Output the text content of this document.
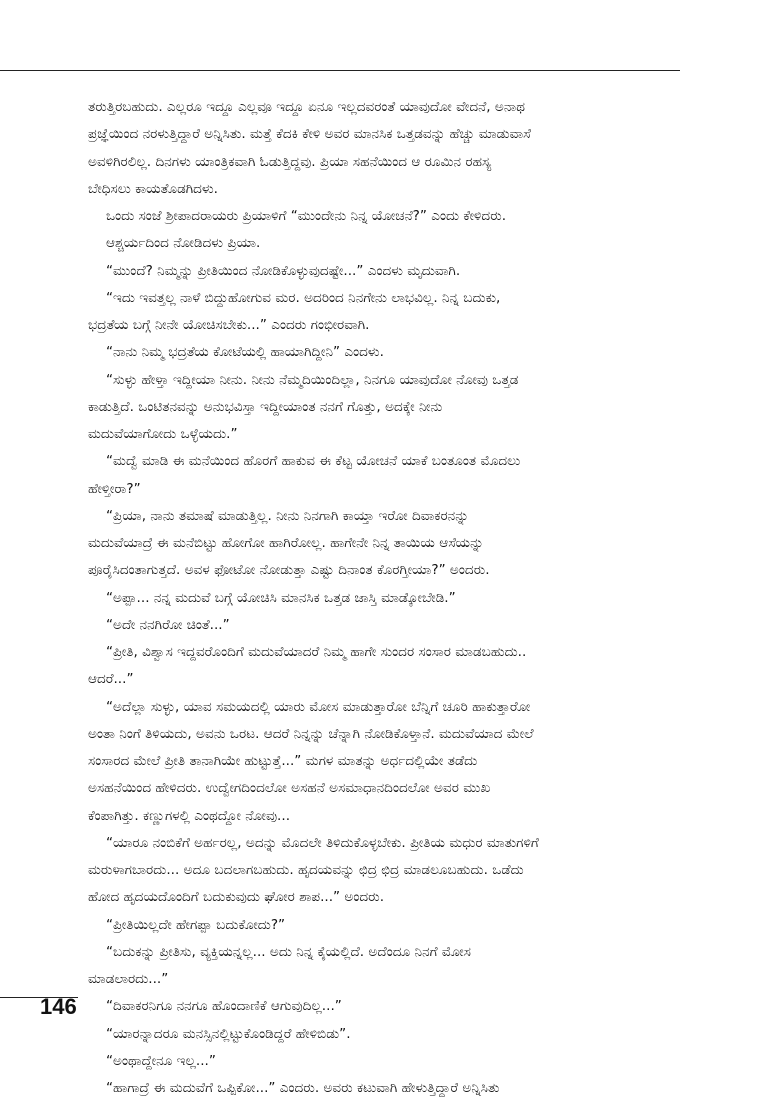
ತರುತ್ತಿರಬಹುದು. ಎಲ್ಲರೂ ಇದ್ದೂ ಎಲ್ಲವೂ ಇದ್ದೂ ಏನೂ ಇಲ್ಲದವರಂತೆ ಯಾವುದೋ ವೇದನೆ, ಅನಾಥ
ಪ್ರಜ್ಞೆಯಿಂದ ನರಳುತ್ತಿದ್ದಾರೆ ಅನ್ನಿಸಿತು. ಮತ್ತೆ ಕೆದಕಿ ಕೇಳಿ ಅವರ ಮಾನಸಿಕ ಒತ್ತಡವನ್ನು ಹೆಚ್ಚು ಮಾಡುವಾಸೆ
ಅವಳಿಗಿರಲಿಲ್ಲ. ದಿನಗಳು ಯಾಂತ್ರಿಕವಾಗಿ ಓಡುತ್ತಿದ್ದವು. ಪ್ರಿಯಾ ಸಹನೆಯಿಂದ ಆ ರೂಮಿನ ರಹಸ್ಯ
ಬೇಧಿಸಲು ಕಾಯತೊಡಗಿದಳು.
ಒಂದು ಸಂಜೆ ಶ್ರೀಪಾದರಾಯರು ಪ್ರಿಯಾಳಿಗೆ “ಮುಂದೇನು ನಿನ್ನ ಯೋಚನೆ?” ಎಂದು ಕೇಳಿದರು.
ಆಶ್ಚರ್ಯದಿಂದ ನೋಡಿದಳು ಪ್ರಿಯಾ.
“ಮುಂದೆ? ನಿಮ್ಮನ್ನು ಪ್ರೀತಿಯಿಂದ ನೋಡಿಕೊಳ್ಳುವುದಷ್ಟೇ...” ಎಂದಳು ಮೃದುವಾಗಿ.
“ಇದು ಇವತ್ತಲ್ಲ ನಾಳೆ ಬಿದ್ದುಹೋಗುವ ಮರ. ಅದರಿಂದ ನಿನಗೇನು ಲಾಭವಿಲ್ಲ. ನಿನ್ನ ಬದುಕು,
ಭದ್ರತೆಯ ಬಗ್ಗೆ ನೀನೇ ಯೋಚಿಸಬೇಕು...” ಎಂದರು ಗಂಭೀರವಾಗಿ.
“ನಾನು ನಿಮ್ಮ ಭದ್ರತೆಯ ಕೋಟೆಯಲ್ಲಿ ಹಾಯಾಗಿದ್ದೀನಿ” ಎಂದಳು.
“ಸುಳ್ಳು ಹೇಳ್ತಾ ಇದ್ದೀಯಾ ನೀನು. ನೀನು ನೆಮ್ಮದಿಯಿಂದಿಲ್ಲಾ, ನಿನಗೂ ಯಾವುದೋ ನೋವು ಒತ್ತಡ
ಕಾಡುತ್ತಿದೆ. ಒಂಟಿತನವನ್ನು ಅನುಭವಿಸ್ತಾ ಇದ್ದೀಯಾಂತ ನನಗೆ ಗೊತ್ತು, ಅದಕ್ಕೇ ನೀನು
ಮದುವೆಯಾಗೋದು ಒಳ್ಳೆಯದು.”
“ಮದ್ವೆ ಮಾಡಿ ಈ ಮನೆಯಿಂದ ಹೊರಗೆ ಹಾಕುವ ಈ ಕೆಟ್ಟ ಯೋಚನೆ ಯಾಕೆ ಬಂತೂಂತ ಮೊದಲು
ಹೇಳ್ತೀರಾ?”
“ಪ್ರಿಯಾ, ನಾನು ತಮಾಷೆ ಮಾಡುತ್ತಿಲ್ಲ. ನೀನು ನಿನಗಾಗಿ ಕಾಯ್ತಾ ಇರೋ ದಿವಾಕರನನ್ನು
ಮದುವೆಯಾದ್ರೆ ಈ ಮನೆಬಿಟ್ಟು ಹೋಗೋ ಹಾಗಿರೋಲ್ಲ. ಹಾಗೇನೇ ನಿನ್ನ ತಾಯಿಯ ಆಸೆಯನ್ನು
ಪೂರೈಸಿದಂತಾಗುತ್ತದೆ. ಅವಳ ಫೋಟೋ ನೋಡುತ್ತಾ ಎಷ್ಟು ದಿನಾಂತ ಕೊರಗ್ತೀಯಾ?” ಅಂದರು.
“ಅಪ್ಪಾ... ನನ್ನ ಮದುವೆ ಬಗ್ಗೆ ಯೋಚಿಸಿ ಮಾನಸಿಕ ಒತ್ತಡ ಜಾಸ್ತಿ ಮಾಡ್ಕೋಬೇಡಿ.”
“ಅದೇ ನನಗಿರೋ ಚಿಂತೆ...”
“ಪ್ರೀತಿ, ವಿಶ್ವಾಸ ಇದ್ದವರೊಂದಿಗೆ ಮದುವೆಯಾದರೆ ನಿಮ್ಮ ಹಾಗೇ ಸುಂದರ ಸಂಸಾರ ಮಾಡಬಹುದು..
ಆದರೆ...”
“ಅದೆಲ್ಲಾ ಸುಳ್ಳು, ಯಾವ ಸಮಯದಲ್ಲಿ ಯಾರು ಮೋಸ ಮಾಡುತ್ತಾರೋ ಬೆನ್ನಿಗೆ ಚೂರಿ ಹಾಕುತ್ತಾರೋ
ಅಂತಾ ನಿಂಗೆ ತಿಳಿಯದು, ಅವನು ಒರಟ. ಆದರೆ ನಿನ್ನನ್ನು ಚೆನ್ನಾಗಿ ನೋಡಿಕೊಳ್ತಾನೆ. ಮದುವೆಯಾದ ಮೇಲೆ
ಸಂಸಾರದ ಮೇಲೆ ಪ್ರೀತಿ ತಾನಾಗಿಯೇ ಹುಟ್ಟುತ್ತೆ...” ಮಗಳ ಮಾತನ್ನು ಅರ್ಧದಲ್ಲಿಯೇ ತಡೆದು
ಅಸಹನೆಯಿಂದ ಹೇಳಿದರು. ಉದ್ವೇಗದಿಂದಲೋ ಅಸಹನೆ ಅಸಮಾಧಾನದಿಂದಲೋ ಅವರ ಮುಖ
ಕೆಂಪಾಗಿತ್ತು. ಕಣ್ಣುಗಳಲ್ಲಿ ಎಂಥದ್ದೋ ನೋವು...
“ಯಾರೂ ನಂಬಿಕೆಗೆ ಅರ್ಹರಲ್ಲ, ಅದನ್ನು ಮೊದಲೇ ತಿಳಿದುಕೊಳ್ಳಬೇಕು. ಪ್ರೀತಿಯ ಮಧುರ ಮಾತುಗಳಿಗೆ
ಮರುಳಾಗಬಾರದು... ಅದೂ ಬದಲಾಗಬಹುದು. ಹೃದಯವನ್ನು ಛಿದ್ರ ಛಿದ್ರ ಮಾಡಲೂಬಹುದು. ಒಡೆದು
ಹೋದ ಹೃದಯದೊಂದಿಗೆ ಬದುಕುವುದು ಘೋರ ಶಾಪ...” ಅಂದರು.
“ಪ್ರೀತಿಯಿಲ್ಲದೇ ಹೇಗಪ್ಪಾ ಬದುಕೋದು?”
“ಬದುಕನ್ನು ಪ್ರೀತಿಸು, ವ್ಯಕ್ತಿಯನ್ನಲ್ಲ... ಅದು ನಿನ್ನ ಕೈಯಲ್ಲಿದೆ. ಅದೆಂದೂ ನಿನಗೆ ಮೋಸ
ಮಾಡಲಾರದು...”
“ದಿವಾಕರನಿಗೂ ನನಗೂ ಹೊಂದಾಣಿಕೆ ಆಗುವುದಿಲ್ಲ...”
“ಯಾರನ್ನಾದರೂ ಮನಸ್ಸಿನಲ್ಲಿಟ್ಟುಕೊಂಡಿದ್ದರೆ ಹೇಳಿಬಿಡು”.
“ಅಂಥಾದ್ದೇನೂ ಇಲ್ಲ...”
“ಹಾಗಾದ್ರೆ ಈ ಮದುವೆಗೆ ಒಪ್ಪಿಕೋ...” ಎಂದರು. ಅವರು ಕಟುವಾಗಿ ಹೇಳುತ್ತಿದ್ದಾರೆ ಅನ್ನಿಸಿತು
146
